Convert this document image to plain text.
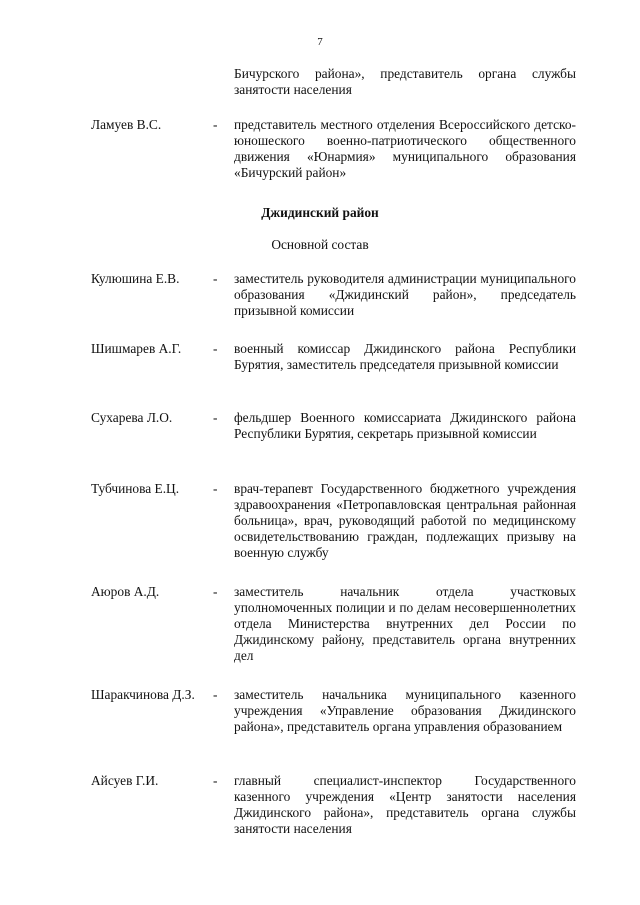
7
Бичурского района», представитель органа службы занятости населения
Ламуев В.С.	- представитель местного отделения Всероссийского детско-юношеского военно-патриотического общественного движения «Юнармия» муниципального образования «Бичурский район»
Джидинский район
Основной состав
Кулюшина Е.В.	- заместитель руководителя администрации муниципального образования «Джидинский район», председатель призывной комиссии
Шишмарев А.Г.	- военный комиссар Джидинского района Республики Бурятия, заместитель председателя призывной комиссии
Сухарева Л.О.	- фельдшер Военного комиссариата Джидинского района Республики Бурятия, секретарь призывной комиссии
Тубчинова Е.Ц.	- врач-терапевт Государственного бюджетного учреждения здравоохранения «Петропавловская центральная районная больница», врач, руководящий работой по медицинскому освидетельствованию граждан, подлежащих призыву на военную службу
Аюров А.Д.	- заместитель начальник отдела участковых уполномоченных полиции и по делам несовершеннолетних отдела Министерства внутренних дел России по Джидинскому району, представитель органа внутренних дел
Шаракчинова Д.З.	- заместитель начальника муниципального казенного учреждения «Управление образования Джидинского района», представитель органа управления образованием
Айсуев Г.И.	- главный специалист-инспектор Государственного казенного учреждения «Центр занятости населения Джидинского района», представитель органа службы занятости населения
